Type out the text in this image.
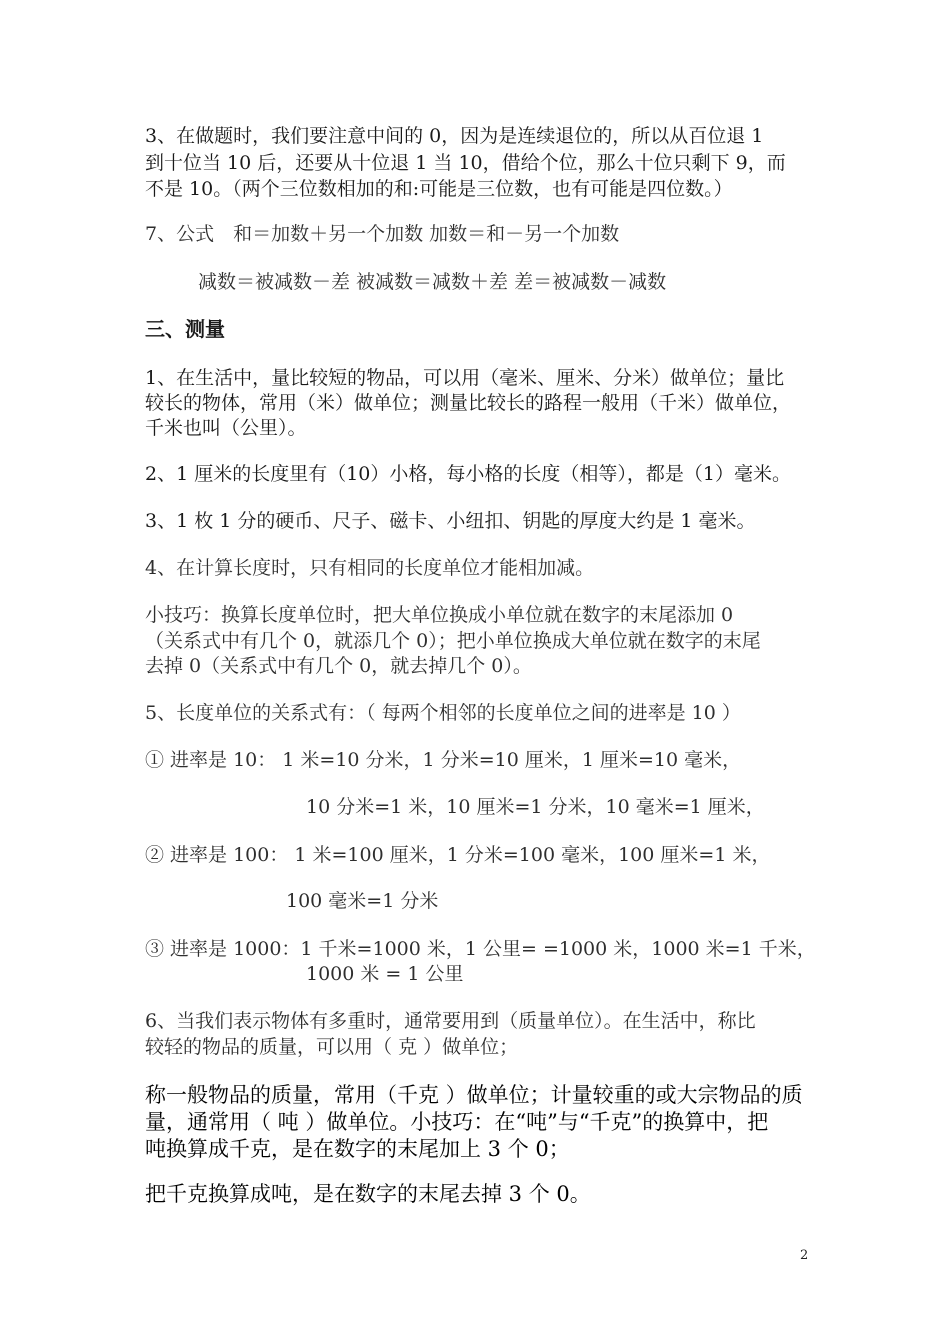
3、在做题时，我们要注意中间的 0，因为是连续退位的，所以从百位退 1
到十位当 10 后，还要从十位退 1 当 10，借给个位，那么十位只剩下 9，而
不是 10。（两个三位数相加的和:可能是三位数，也有可能是四位数。）
7、公式　和＝加数＋另一个加数 加数＝和－另一个加数
减数＝被减数－差 被减数＝减数＋差 差＝被减数－减数
三、测量
1、在生活中，量比较短的物品，可以用（毫米、厘米、分米）做单位；量比
较长的物体，常用（米）做单位；测量比较长的路程一般用（千米）做单位，
千米也叫（公里）。
2、1 厘米的长度里有（10）小格，每小格的长度（相等），都是（1）毫米。
3、1 枚 1 分的硬币、尺子、磁卡、小纽扣、钥匙的厚度大约是 1 毫米。
4、在计算长度时，只有相同的长度单位才能相加减。
小技巧：换算长度单位时，把大单位换成小单位就在数字的末尾添加 0
（关系式中有几个 0，就添几个 0）；把小单位换成大单位就在数字的末尾
去掉 0（关系式中有几个 0，就去掉几个 0）。
5、长度单位的关系式有：（ 每两个相邻的长度单位之间的进率是 10 ）
① 进率是 10： 1 米=10 分米，1 分米=10 厘米，1 厘米=10 毫米，
10 分米=1 米，10 厘米=1 分米，10 毫米=1 厘米，
② 进率是 100： 1 米=100 厘米，1 分米=100 毫米，100 厘米=1 米，
100 毫米=1 分米
③ 进率是 1000：1 千米=1000 米，1 公里= =1000 米，1000 米=1 千米，
1000 米 = 1 公里
6、当我们表示物体有多重时，通常要用到（质量单位）。在生活中，称比
较轻的物品的质量，可以用（ 克 ）做单位；
称一般物品的质量，常用（千克 ）做单位；计量较重的或大宗物品的质
量，通常用（ 吨 ）做单位。小技巧：在“吨”与“千克”的换算中，把
吨换算成千克，是在数字的末尾加上 3 个 0；
把千克换算成吨，是在数字的末尾去掉 3 个 0。
2
